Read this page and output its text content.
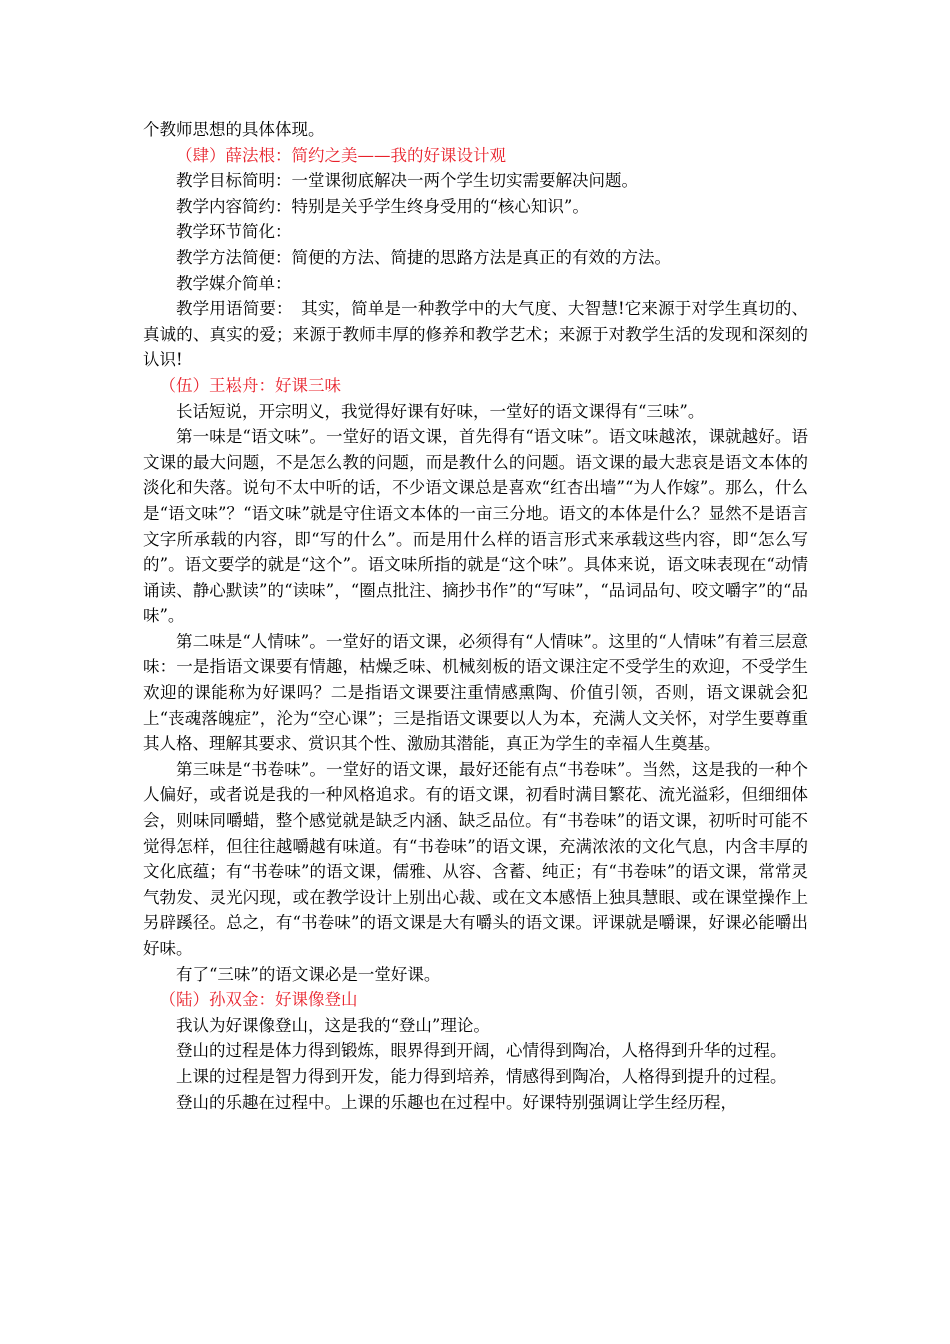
个教师思想的具体体现。

（肆）薛法根：简约之美——我的好课设计观

教学目标简明：一堂课彻底解决一两个学生切实需要解决问题。

教学内容简约：特别是关乎学生终身受用的“核心知识”。

教学环节简化：

教学方法简便：简便的方法、简捷的思路方法是真正的有效的方法。

教学媒介简单：

教学用语简要：　其实，简单是一种教学中的大气度、大智慧!它来源于对学生真切的、真诚的、真实的爱；来源于教师丰厚的修养和教学艺术；来源于对教学生活的发现和深刻的认识!

（伍）王崧舟：好课三味

长话短说，开宗明义，我觉得好课有好味，一堂好的语文课得有“三味”。

第一味是“语文味”。一堂好的语文课，首先得有“语文味”。语文味越浓，课就越好。语文课的最大问题，不是怎么教的问题，而是教什么的问题。语文课的最大悲哀是语文本体的淡化和失落。说句不太中听的话，不少语文课总是喜欢“红杏出墙”“为人作嫁”。那么，什么是“语文味”？“语文味”就是守住语文本体的一亩三分地。语文的本体是什么？显然不是语言文字所承载的内容，即“写的什么”。而是用什么样的语言形式来承载这些内容，即“怎么写的”。语文要学的就是“这个”。语文味所指的就是“这个味”。具体来说，语文味表现在“动情诵读、静心默读”的“读味”，“圈点批注、摘抄书作”的“写味”，“品词品句、咬文嚼字”的“品味”。

第二味是“人情味”。一堂好的语文课，必须得有“人情味”。这里的“人情味”有着三层意味：一是指语文课要有情趣，枯燥乏味、机械刻板的语文课注定不受学生的欢迎，不受学生欢迎的课能称为好课吗？二是指语文课要注重情感熏陶、价值引领，否则，语文课就会犯上“丧魂落魄症”，沦为“空心课”；三是指语文课要以人为本，充满人文关怀，对学生要尊重其人格、理解其要求、赏识其个性、激励其潜能，真正为学生的幸福人生奠基。

第三味是“书卷味”。一堂好的语文课，最好还能有点“书卷味”。当然，这是我的一种个人偏好，或者说是我的一种风格追求。有的语文课，初看时满目繁花、流光溢彩，但细细体会，则味同嚼蜡，整个感觉就是缺乏内涵、缺乏品位。有“书卷味”的语文课，初听时可能不觉得怎样，但往往越嚼越有味道。有“书卷味”的语文课，充满浓浓的文化气息，内含丰厚的文化底蕴；有“书卷味”的语文课，儒雅、从容、含蓄、纯正；有“书卷味”的语文课，常常灵气勃发、灵光闪现，或在教学设计上别出心裁、或在文本感悟上独具慧眼、或在课堂操作上另辟蹊径。总之，有“书卷味”的语文课是大有嚼头的语文课。评课就是嚼课，好课必能嚼出好味。

有了“三味”的语文课必是一堂好课。

（陆）孙双金：好课像登山

我认为好课像登山，这是我的“登山”理论。

登山的过程是体力得到锻炼，眼界得到开阔，心情得到陶冶，人格得到升华的过程。

上课的过程是智力得到开发，能力得到培养，情感得到陶冶，人格得到提升的过程。

登山的乐趣在过程中。上课的乐趣也在过程中。好课特别强调让学生经历程，
